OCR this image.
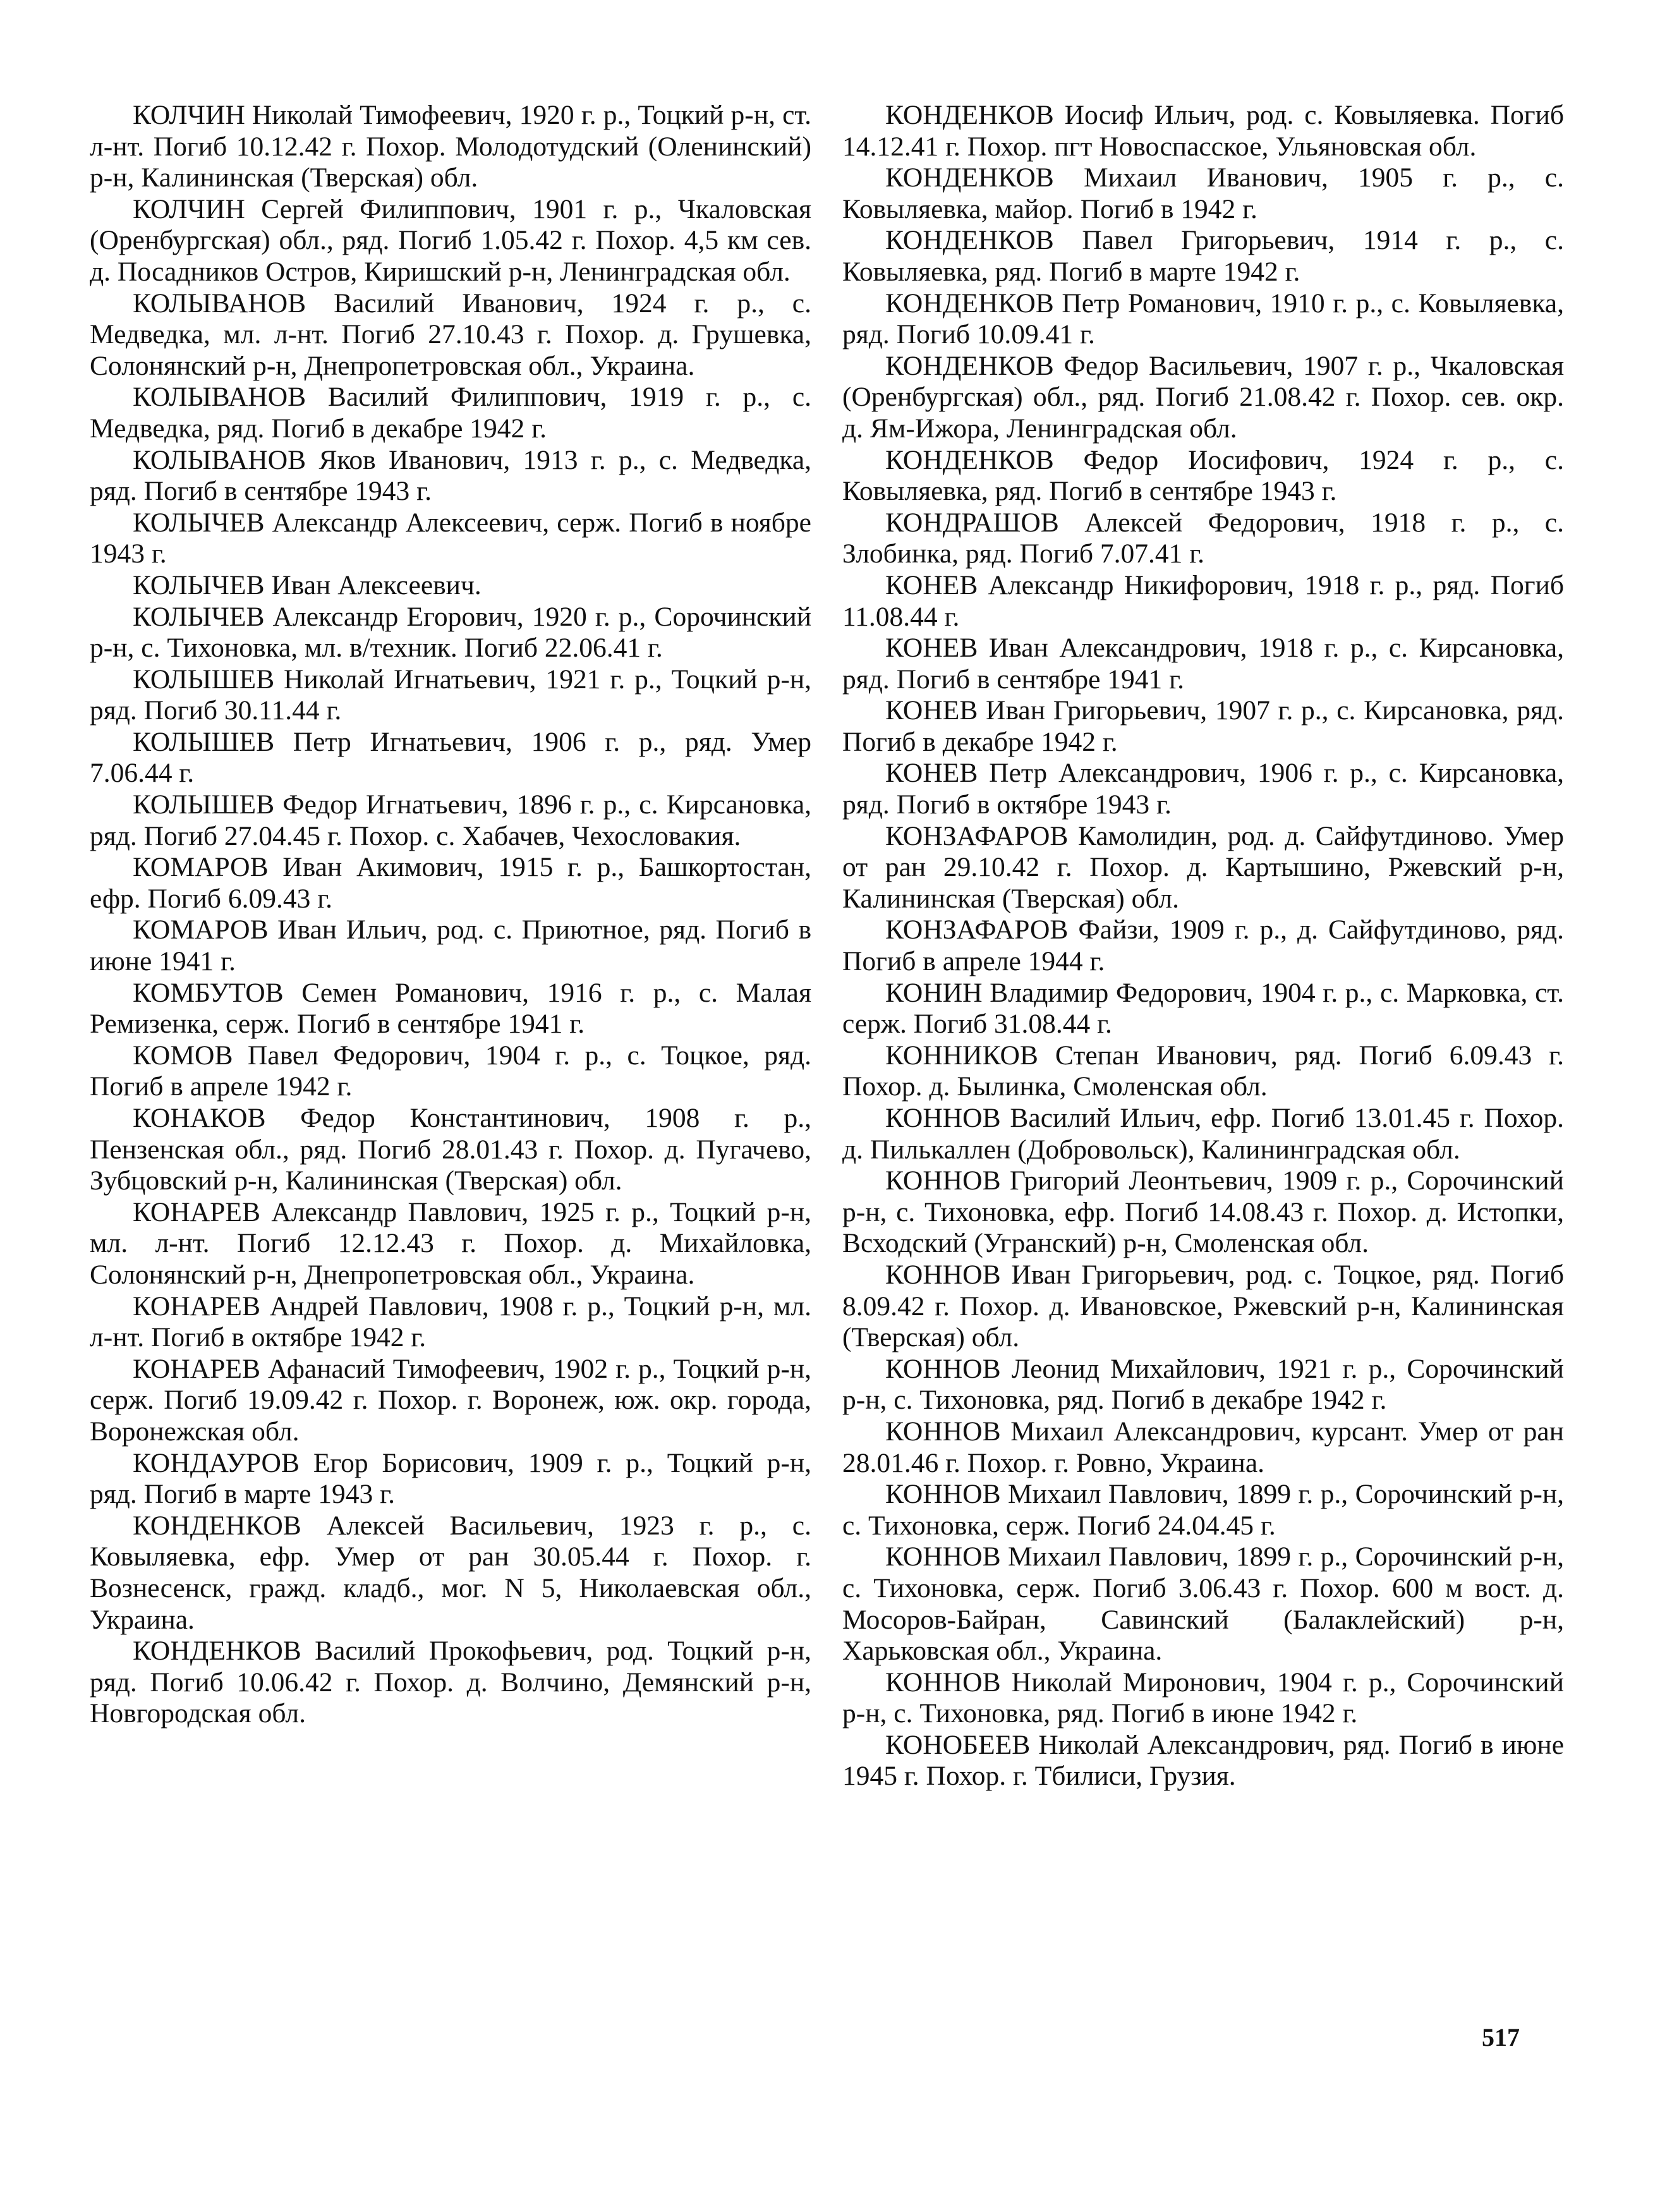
КОЛЧИН Николай Тимофеевич, 1920 г. р., Тоцкий р-н, ст. л-нт. Погиб 10.12.42 г. Похор. Молодотудский (Оленинский) р-н, Калининская (Тверская) обл.

КОЛЧИН Сергей Филиппович, 1901 г. р., Чкаловская (Оренбургская) обл., ряд. Погиб 1.05.42 г. Похор. 4,5 км сев. д. Посадников Остров, Киришский р-н, Ленинградская обл.

КОЛЫВАНОВ Василий Иванович, 1924 г. р., с. Медведка, мл. л-нт. Погиб 27.10.43 г. Похор. д. Грушевка, Солонянский р-н, Днепропетровская обл., Украина.

КОЛЫВАНОВ Василий Филиппович, 1919 г. р., с. Медведка, ряд. Погиб в декабре 1942 г.

КОЛЫВАНОВ Яков Иванович, 1913 г. р., с. Медведка, ряд. Погиб в сентябре 1943 г.

КОЛЫЧЕВ Александр Алексеевич, серж. Погиб в ноябре 1943 г.

КОЛЫЧЕВ Иван Алексеевич.

КОЛЫЧЕВ Александр Егорович, 1920 г. р., Сорочинский р-н, с. Тихоновка, мл. в/техник. Погиб 22.06.41 г.

КОЛЫШЕВ Николай Игнатьевич, 1921 г. р., Тоцкий р-н, ряд. Погиб 30.11.44 г.

КОЛЫШЕВ Петр Игнатьевич, 1906 г. р., ряд. Умер 7.06.44 г.

КОЛЫШЕВ Федор Игнатьевич, 1896 г. р., с. Кирсановка, ряд. Погиб 27.04.45 г. Похор. с. Хабачев, Чехословакия.

КОМАРОВ Иван Акимович, 1915 г. р., Башкортостан, ефр. Погиб 6.09.43 г.

КОМАРОВ Иван Ильич, род. с. Приютное, ряд. Погиб в июне 1941 г.

КОМБУТОВ Семен Романович, 1916 г. р., с. Малая Ремизенка, серж. Погиб в сентябре 1941 г.

КОМОВ Павел Федорович, 1904 г. р., с. Тоцкое, ряд. Погиб в апреле 1942 г.

КОНАКОВ Федор Константинович, 1908 г. р., Пензенская обл., ряд. Погиб 28.01.43 г. Похор. д. Пугачево, Зубцовский р-н, Калининская (Тверская) обл.

КОНАРЕВ Александр Павлович, 1925 г. р., Тоцкий р-н, мл. л-нт. Погиб 12.12.43 г. Похор. д. Михайловка, Солонянский р-н, Днепропетровская обл., Украина.

КОНАРЕВ Андрей Павлович, 1908 г. р., Тоцкий р-н, мл. л-нт. Погиб в октябре 1942 г.

КОНАРЕВ Афанасий Тимофеевич, 1902 г. р., Тоцкий р-н, серж. Погиб 19.09.42 г. Похор. г. Воронеж, юж. окр. города, Воронежская обл.

КОНДАУРОВ Егор Борисович, 1909 г. р., Тоцкий р-н, ряд. Погиб в марте 1943 г.

КОНДЕНКОВ Алексей Васильевич, 1923 г. р., с. Ковыляевка, ефр. Умер от ран 30.05.44 г. Похор. г. Вознесенск, гражд. кладб., мог. N 5, Николаевская обл., Украина.

КОНДЕНКОВ Василий Прокофьевич, род. Тоцкий р-н, ряд. Погиб 10.06.42 г. Похор. д. Волчино, Демянский р-н, Новгородская обл.

КОНДЕНКОВ Иосиф Ильич, род. с. Ковыляевка. Погиб 14.12.41 г. Похор. пгт Новоспасское, Ульяновская обл.

КОНДЕНКОВ Михаил Иванович, 1905 г. р., с. Ковыляевка, майор. Погиб в 1942 г.

КОНДЕНКОВ Павел Григорьевич, 1914 г. р., с. Ковыляевка, ряд. Погиб в марте 1942 г.

КОНДЕНКОВ Петр Романович, 1910 г. р., с. Ковыляевка, ряд. Погиб 10.09.41 г.

КОНДЕНКОВ Федор Васильевич, 1907 г. р., Чкаловская (Оренбургская) обл., ряд. Погиб 21.08.42 г. Похор. сев. окр. д. Ям-Ижора, Ленинградская обл.

КОНДЕНКОВ Федор Иосифович, 1924 г. р., с. Ковыляевка, ряд. Погиб в сентябре 1943 г.

КОНДРАШОВ Алексей Федорович, 1918 г. р., с. Злобинка, ряд. Погиб 7.07.41 г.

КОНЕВ Александр Никифорович, 1918 г. р., ряд. Погиб 11.08.44 г.

КОНЕВ Иван Александрович, 1918 г. р., с. Кирсановка, ряд. Погиб в сентябре 1941 г.

КОНЕВ Иван Григорьевич, 1907 г. р., с. Кирсановка, ряд. Погиб в декабре 1942 г.

КОНЕВ Петр Александрович, 1906 г. р., с. Кирсановка, ряд. Погиб в октябре 1943 г.

КОНЗАФАРОВ Камолидин, род. д. Сайфутдиново. Умер от ран 29.10.42 г. Похор. д. Картышино, Ржевский р-н, Калининская (Тверская) обл.

КОНЗАФАРОВ Файзи, 1909 г. р., д. Сайфутдиново, ряд. Погиб в апреле 1944 г.

КОНИН Владимир Федорович, 1904 г. р., с. Марковка, ст. серж. Погиб 31.08.44 г.

КОННИКОВ Степан Иванович, ряд. Погиб 6.09.43 г. Похор. д. Былинка, Смоленская обл.

КОННОВ Василий Ильич, ефр. Погиб 13.01.45 г. Похор. д. Пилькаллен (Добровольск), Калининградская обл.

КОННОВ Григорий Леонтьевич, 1909 г. р., Сорочинский р-н, с. Тихоновка, ефр. Погиб 14.08.43 г. Похор. д. Истопки, Всходский (Угранский) р-н, Смоленская обл.

КОННОВ Иван Григорьевич, род. с. Тоцкое, ряд. Погиб 8.09.42 г. Похор. д. Ивановское, Ржевский р-н, Калининская (Тверская) обл.

КОННОВ Леонид Михайлович, 1921 г. р., Сорочинский р-н, с. Тихоновка, ряд. Погиб в декабре 1942 г.

КОННОВ Михаил Александрович, курсант. Умер от ран 28.01.46 г. Похор. г. Ровно, Украина.

КОННОВ Михаил Павлович, 1899 г. р., Сорочинский р-н, с. Тихоновка, серж. Погиб 24.04.45 г.

КОННОВ Михаил Павлович, 1899 г. р., Сорочинский р-н, с. Тихоновка, серж. Погиб 3.06.43 г. Похор. 600 м вост. д. Мосоров-Байран, Савинский (Балаклейский) р-н, Харьковская обл., Украина.

КОННОВ Николай Миронович, 1904 г. р., Сорочинский р-н, с. Тихоновка, ряд. Погиб в июне 1942 г.

КОНОБЕЕВ Николай Александрович, ряд. Погиб в июне 1945 г. Похор. г. Тбилиси, Грузия.

517
